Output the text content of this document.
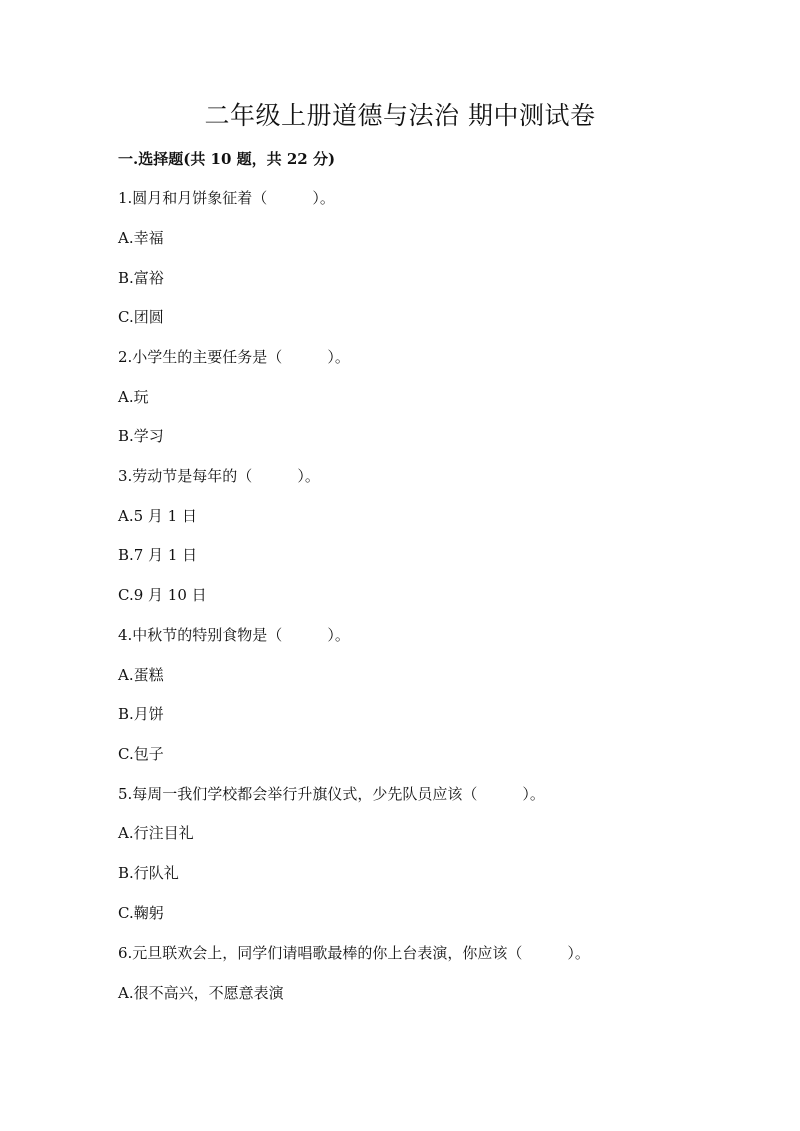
二年级上册道德与法治 期中测试卷
一.选择题(共 10 题，共 22 分)
1.圆月和月饼象征着（　　　）。
A.幸福
B.富裕
C.团圆
2.小学生的主要任务是（　　　）。
A.玩
B.学习
3.劳动节是每年的（　　　）。
A.5 月 1 日
B.7 月 1 日
C.9 月 10 日
4.中秋节的特别食物是（　　　）。
A.蛋糕
B.月饼
C.包子
5.每周一我们学校都会举行升旗仪式，少先队员应该（　　　）。
A.行注目礼
B.行队礼
C.鞠躬
6.元旦联欢会上，同学们请唱歌最棒的你上台表演，你应该（　　　）。
A.很不高兴，不愿意表演
